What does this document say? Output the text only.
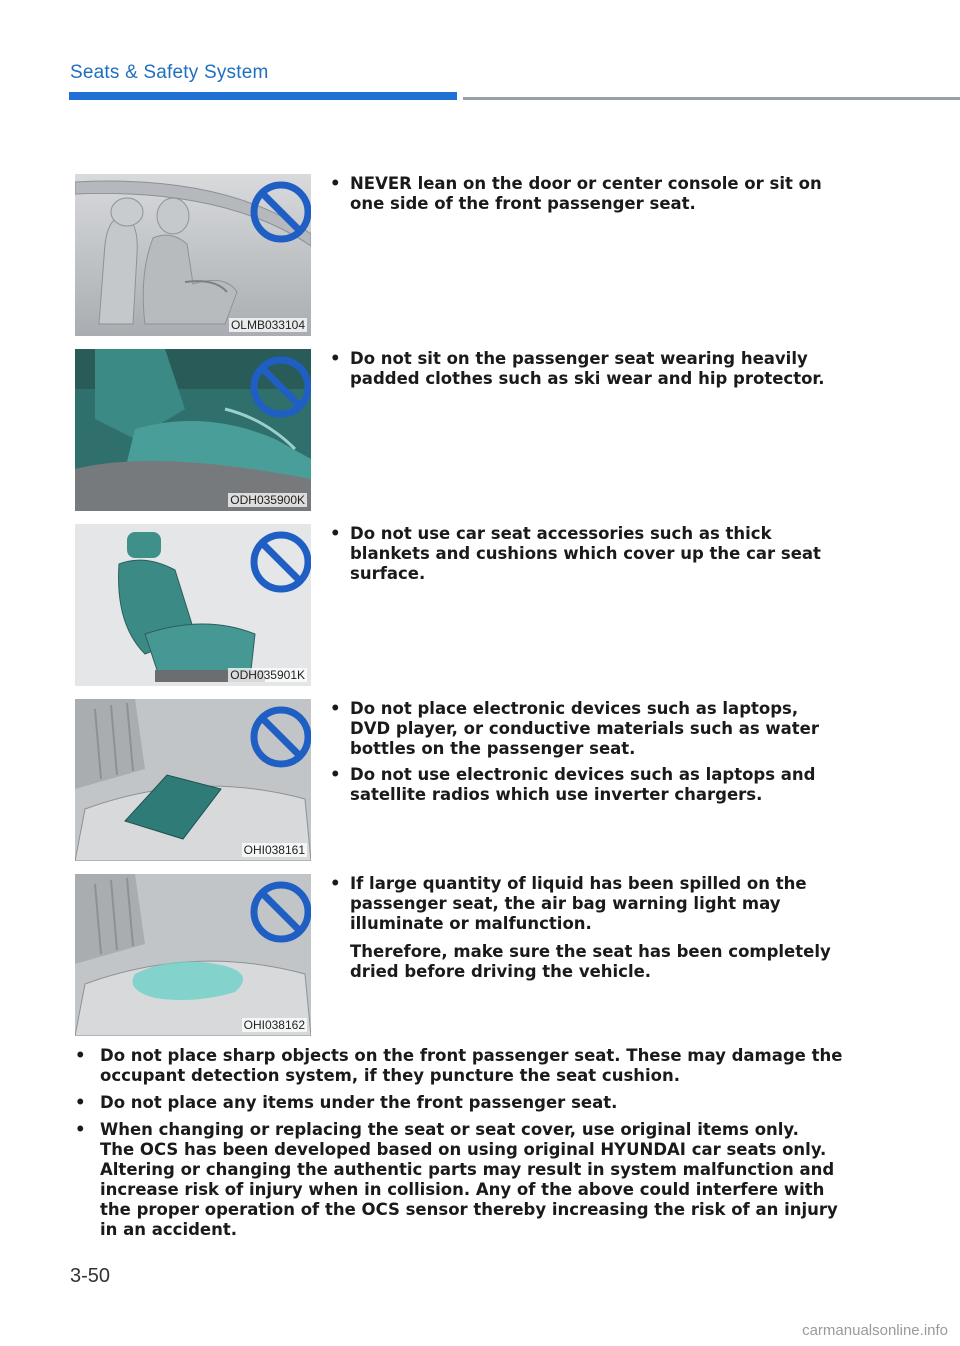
Seats & Safety System
OLMB033104
• NEVER lean on the door or center console or sit on one side of the front passenger seat.
ODH035900K
• Do not sit on the passenger seat wearing heavily padded clothes such as ski wear and hip protector.
ODH035901K
• Do not use car seat accessories such as thick blankets and cushions which cover up the car seat surface.
OHI038161
• Do not place electronic devices such as laptops, DVD player, or conductive materials such as water bottles on the passenger seat.
• Do not use electronic devices such as laptops and satellite radios which use inverter chargers.
OHI038162
• If large quantity of liquid has been spilled on the passenger seat, the air bag warning light may illuminate or malfunction.
Therefore, make sure the seat has been completely dried before driving the vehicle.
• Do not place sharp objects on the front passenger seat. These may damage the occupant detection system, if they puncture the seat cushion.
• Do not place any items under the front passenger seat.
• When changing or replacing the seat or seat cover, use original items only.
The OCS has been developed based on using original HYUNDAI car seats only. Altering or changing the authentic parts may result in system malfunction and increase risk of injury when in collision. Any of the above could interfere with the proper operation of the OCS sensor thereby increasing the risk of an injury in an accident.
3-50
carmanualsonline.info
